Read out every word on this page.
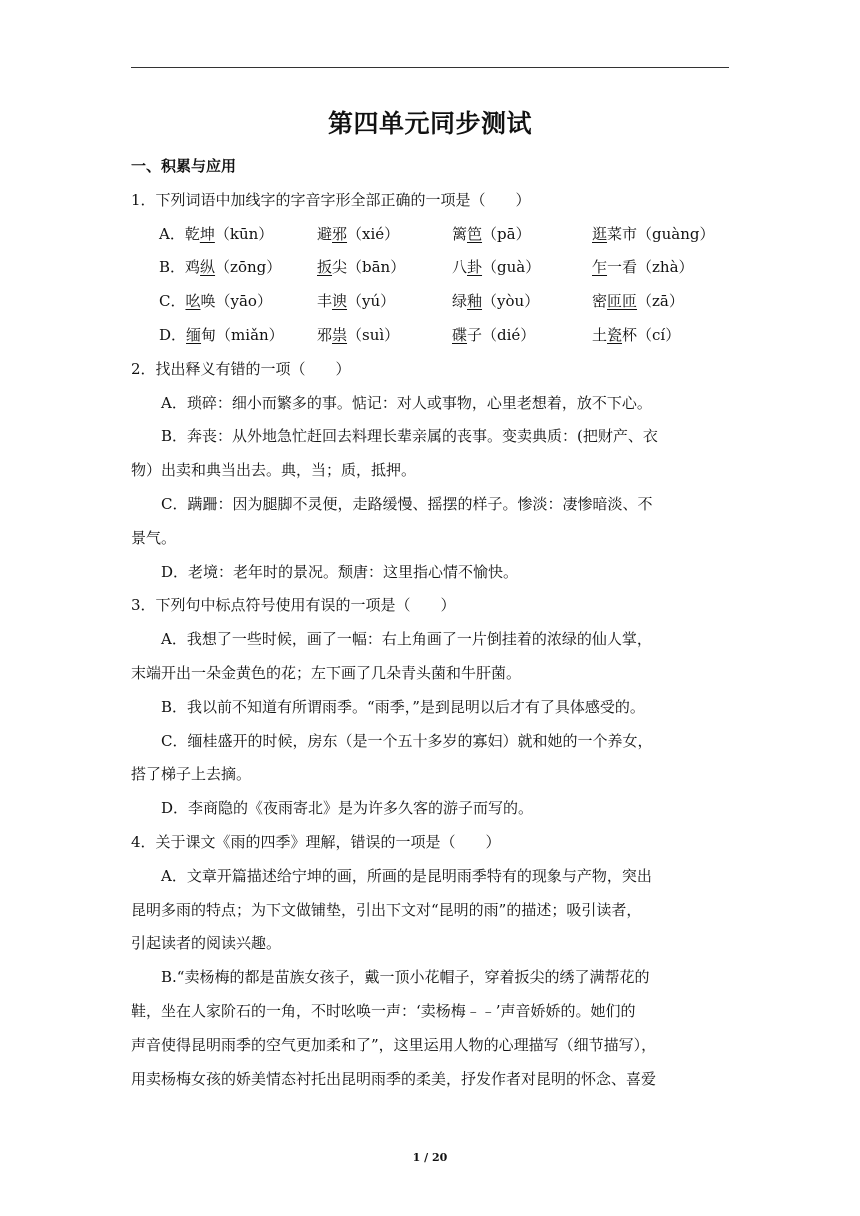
第四单元同步测试
一、积累与应用
1．下列词语中加线字的字音字形全部正确的一项是（　　）
A．乾坤（kūn）	避邪（xié）	篱笆（pā）	逛菜市（guàng）
B．鸡纵（zōng） 扳尖（bān）	八卦（guà）	乍一看（zhà）
C．吆唤（yāo）	丰谀（yú）	绿釉（yòu）	密匝匝（zā）
D．缅甸（miǎn） 邪祟（suì）	碟子（dié）	土瓷杯（cí）
2．找出释义有错的一项（　　）
A．琐碎：细小而繁多的事。惦记：对人或事物，心里老想着，放不下心。
B．奔丧：从外地急忙赶回去料理长辈亲属的丧事。变卖典质：(把财产、衣
物）出卖和典当出去。典，当；质，抵押。
C．蹒跚：因为腿脚不灵便，走路缓慢、摇摆的样子。惨淡：凄惨暗淡、不
景气。
D．老境：老年时的景况。颓唐：这里指心情不愉快。
3．下列句中标点符号使用有误的一项是（　　）
A．我想了一些时候，画了一幅：右上角画了一片倒挂着的浓绿的仙人掌，
末端开出一朵金黄色的花；左下画了几朵青头菌和牛肝菌。
B．我以前不知道有所谓雨季。“雨季，”是到昆明以后才有了具体感受的。
C．缅桂盛开的时候，房东（是一个五十多岁的寡妇）就和她的一个养女，
搭了梯子上去摘。
D．李商隐的《夜雨寄北》是为许多久客的游子而写的。
4．关于课文《雨的四季》理解，错误的一项是（　　）
A．文章开篇描述给宁坤的画，所画的是昆明雨季特有的现象与产物，突出
昆明多雨的特点；为下文做铺垫，引出下文对“昆明的雨”的描述；吸引读者，
引起读者的阅读兴趣。
B.“卖杨梅的都是苗族女孩子，戴一顶小花帽子，穿着扳尖的绣了满帮花的
鞋，坐在人家阶石的一角，不时吆唤一声：‘卖杨梅﹣﹣’声音娇娇的。她们的
声音使得昆明雨季的空气更加柔和了”，这里运用人物的心理描写（细节描写），
用卖杨梅女孩的娇美情态衬托出昆明雨季的柔美，抒发作者对昆明的怀念、喜爱
1 / 20
